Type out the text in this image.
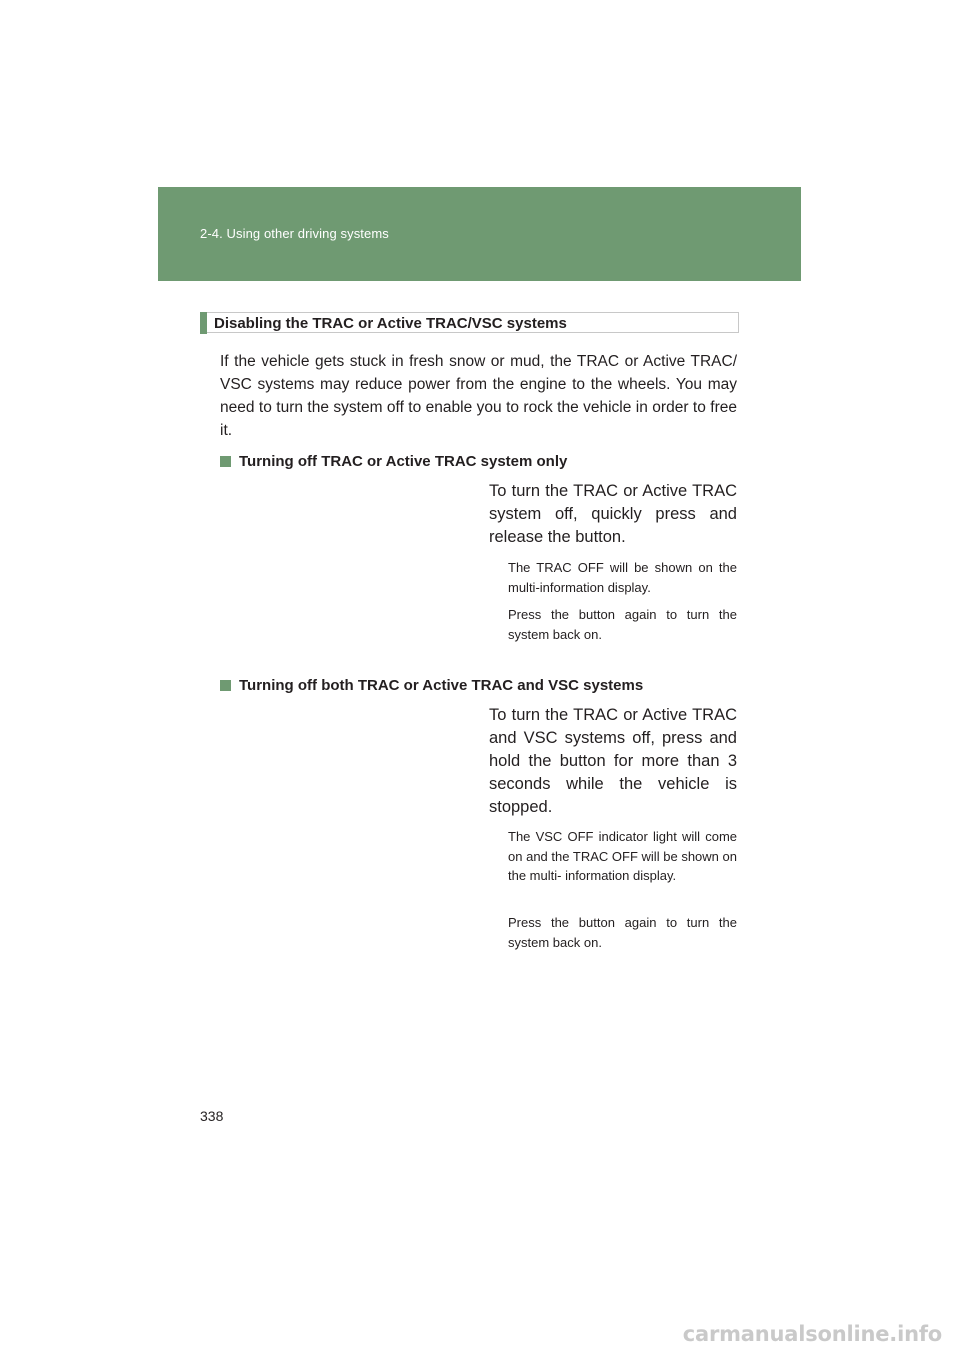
2-4. Using other driving systems
Disabling the TRAC or Active TRAC/VSC systems

If the vehicle gets stuck in fresh snow or mud, the TRAC or Active TRAC/ VSC systems may reduce power from the engine to the wheels. You may need to turn the system off to enable you to rock the vehicle in order to free it.

Turning off TRAC or Active TRAC system only

To turn the TRAC or Active TRAC system off, quickly press and release the button.

The TRAC OFF will be shown on the multi-information display.

Press the button again to turn the system back on.

Turning off both TRAC or Active TRAC and VSC systems

To turn the TRAC or Active TRAC and VSC systems off, press and hold the button for more than 3 seconds while the vehicle is stopped.

The VSC OFF indicator light will come on and the TRAC OFF will be shown on the multi- information display.

Press the button again to turn the system back on.

338
carmanualsonline.info
